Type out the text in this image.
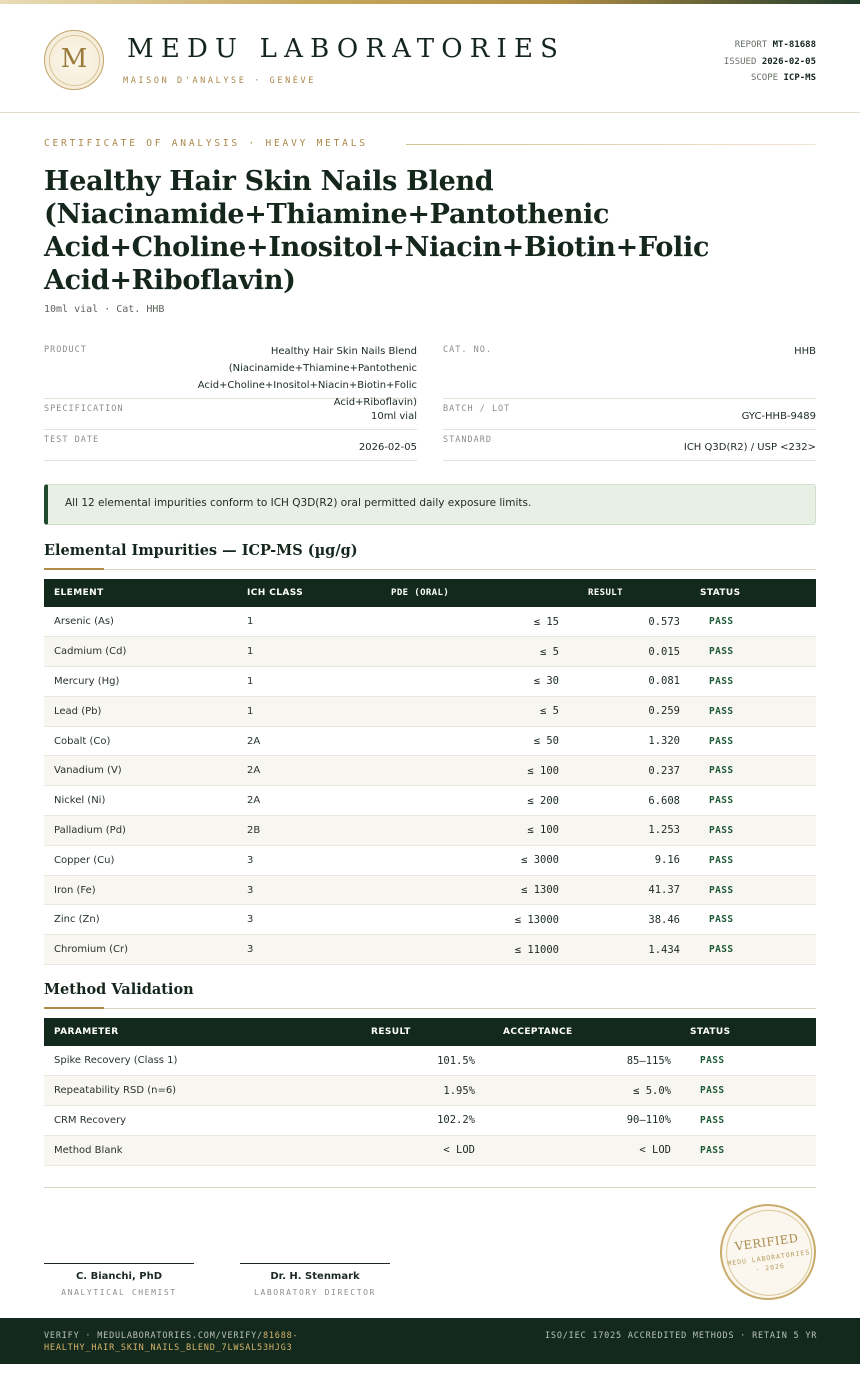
M	MEDU LABORATORIES
MAISON D'ANALYSE · GENÈVE
REPORT MT-81688
ISSUED 2026-02-05
SCOPE ICP-MS
CERTIFICATE OF ANALYSIS · HEAVY METALS
Healthy Hair Skin Nails Blend (Niacinamide+Thiamine+Pantothenic Acid+Choline+Inositol+Niacin+Biotin+Folic Acid+Riboflavin)
10ml vial · Cat. HHB
PRODUCT	Healthy Hair Skin Nails Blend (Niacinamide+Thiamine+Pantothenic Acid+Choline+Inositol+Niacin+Biotin+Folic Acid+Riboflavin)
SPECIFICATION
10ml vial
TEST DATE
2026-02-05
CAT. NO.	HHB
BATCH / LOT
GYC-HHB-9489
STANDARD
ICH Q3D(R2) / USP <232>
All 12 elemental impurities conform to ICH Q3D(R2) oral permitted daily exposure limits.
Elemental Impurities — ICP-MS (µg/g)
ELEMENT	ICH CLASS	PDE (ORAL)	RESULT	STATUS
Arsenic (As)	1	≤ 15	0.573	PASS
Cadmium (Cd)	1	≤ 5	0.015	PASS
Mercury (Hg)	1	≤ 30	0.081	PASS
Lead (Pb)	1	≤ 5	0.259	PASS
Cobalt (Co)	2A	≤ 50	1.320	PASS
Vanadium (V)	2A	≤ 100	0.237	PASS
Nickel (Ni)	2A	≤ 200	6.608	PASS
Palladium (Pd)	2B	≤ 100	1.253	PASS
Copper (Cu)	3	≤ 3000	9.16	PASS
Iron (Fe)	3	≤ 1300	41.37	PASS
Zinc (Zn)	3	≤ 13000	38.46	PASS
Chromium (Cr)	3	≤ 11000	1.434	PASS
Method Validation
PARAMETER	RESULT	ACCEPTANCE	STATUS
Spike Recovery (Class 1)	101.5%	85–115%	PASS
Repeatability RSD (n=6)	1.95%	≤ 5.0%	PASS
CRM Recovery	102.2%	90–110%	PASS
Method Blank	< LOD	< LOD	PASS
C. Bianchi, PhD
ANALYTICAL CHEMIST
Dr. H. Stenmark
LABORATORY DIRECTOR
VERIFIED
MEDU LABORATORIES · 2026
VERIFY · MEDULABORATORIES.COM/VERIFY/81688-HEALTHY_HAIR_SKIN_NAILS_BLEND_7LWSAL53HJG3
ISO/IEC 17025 ACCREDITED METHODS · RETAIN 5 YR
